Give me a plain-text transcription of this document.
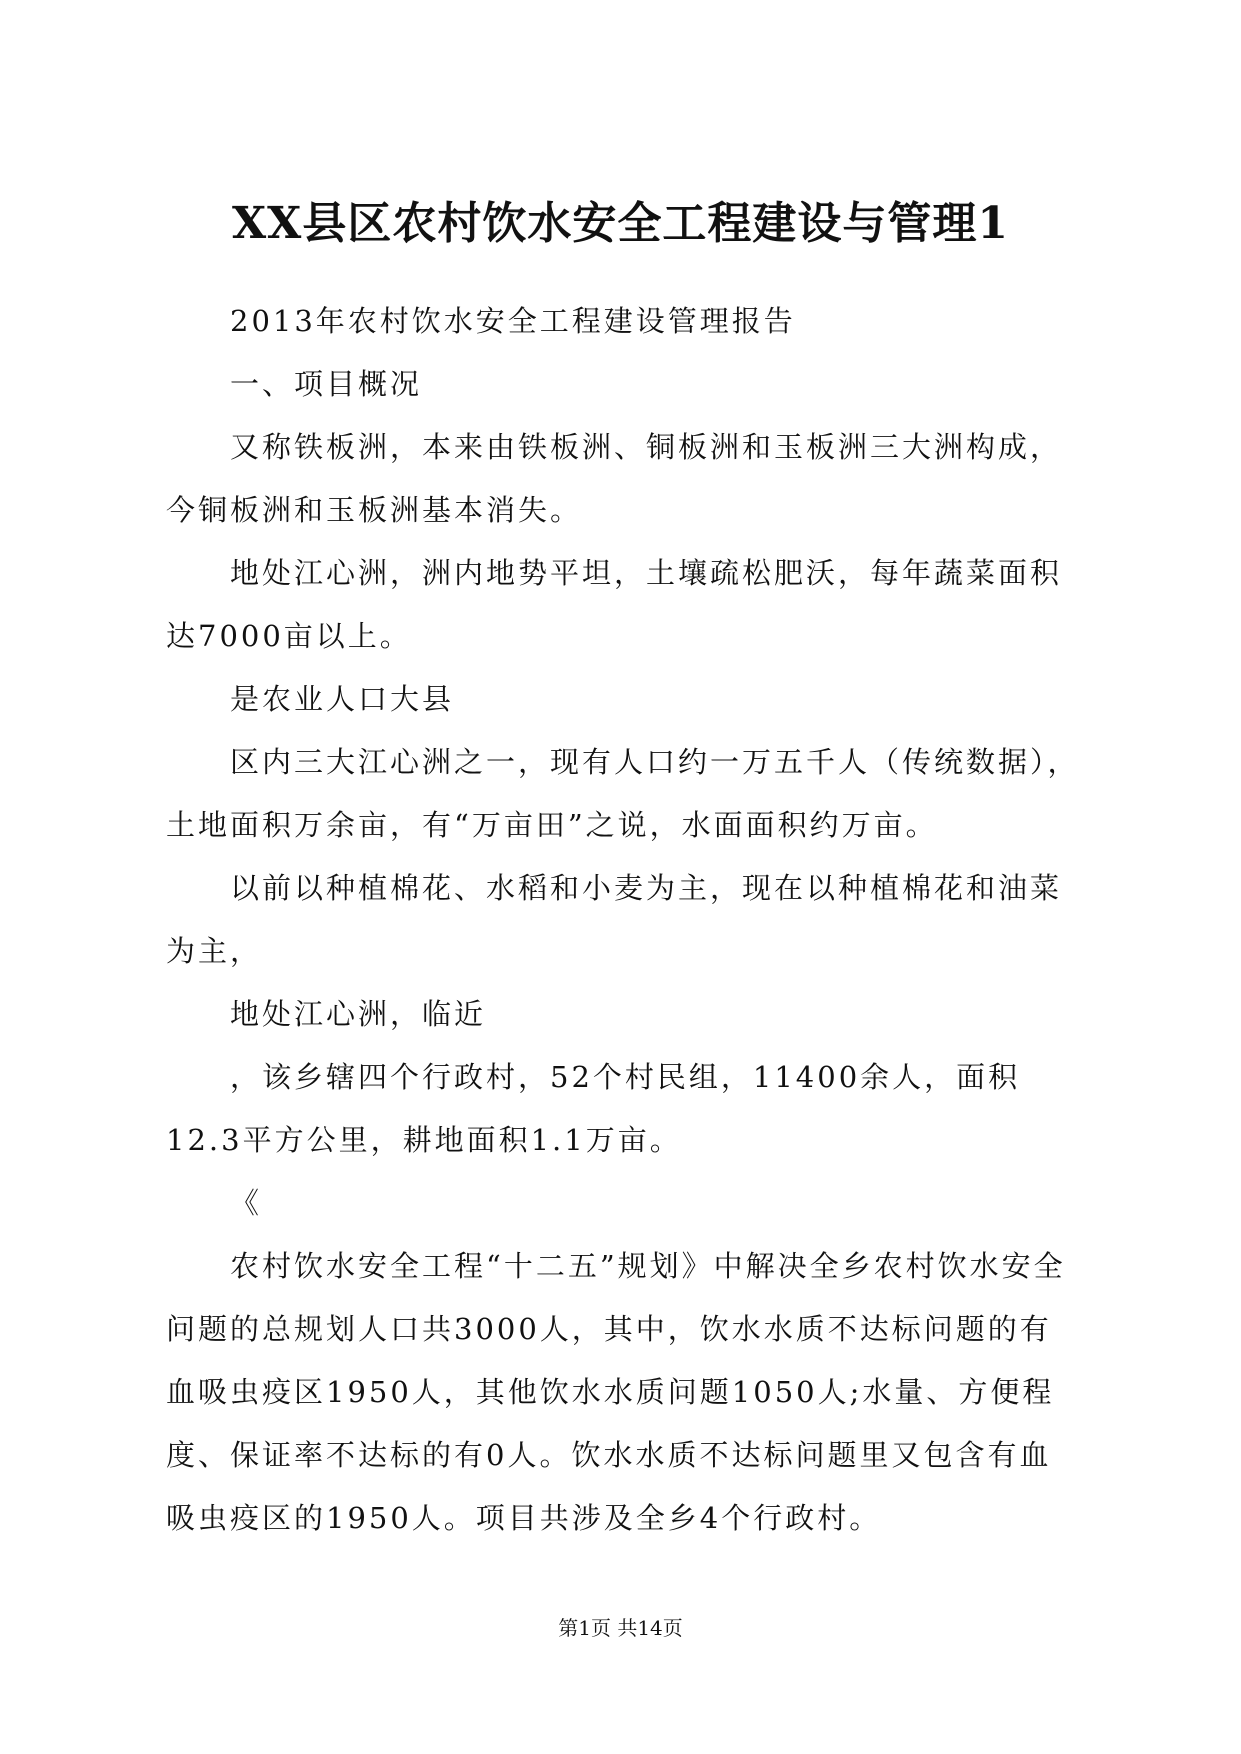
XX县区农村饮水安全工程建设与管理1

2013年农村饮水安全工程建设管理报告

一、项目概况

又称铁板洲，本来由铁板洲、铜板洲和玉板洲三大洲构成，今铜板洲和玉板洲基本消失。

地处江心洲，洲内地势平坦，土壤疏松肥沃，每年蔬菜面积达7000亩以上。

是农业人口大县

区内三大江心洲之一，现有人口约一万五千人（传统数据），土地面积万余亩，有“万亩田”之说，水面面积约万亩。

以前以种植棉花、水稻和小麦为主，现在以种植棉花和油菜为主，

地处江心洲，临近

，该乡辖四个行政村，52个村民组，11400余人，面积12.3平方公里，耕地面积1.1万亩。

《

农村饮水安全工程“十二五”规划》中解决全乡农村饮水安全问题的总规划人口共3000人，其中，饮水水质不达标问题的有血吸虫疫区1950人，其他饮水水质问题1050人;水量、方便程度、保证率不达标的有0人。饮水水质不达标问题里又包含有血吸虫疫区的1950人。项目共涉及全乡4个行政村。

第1页 共14页
